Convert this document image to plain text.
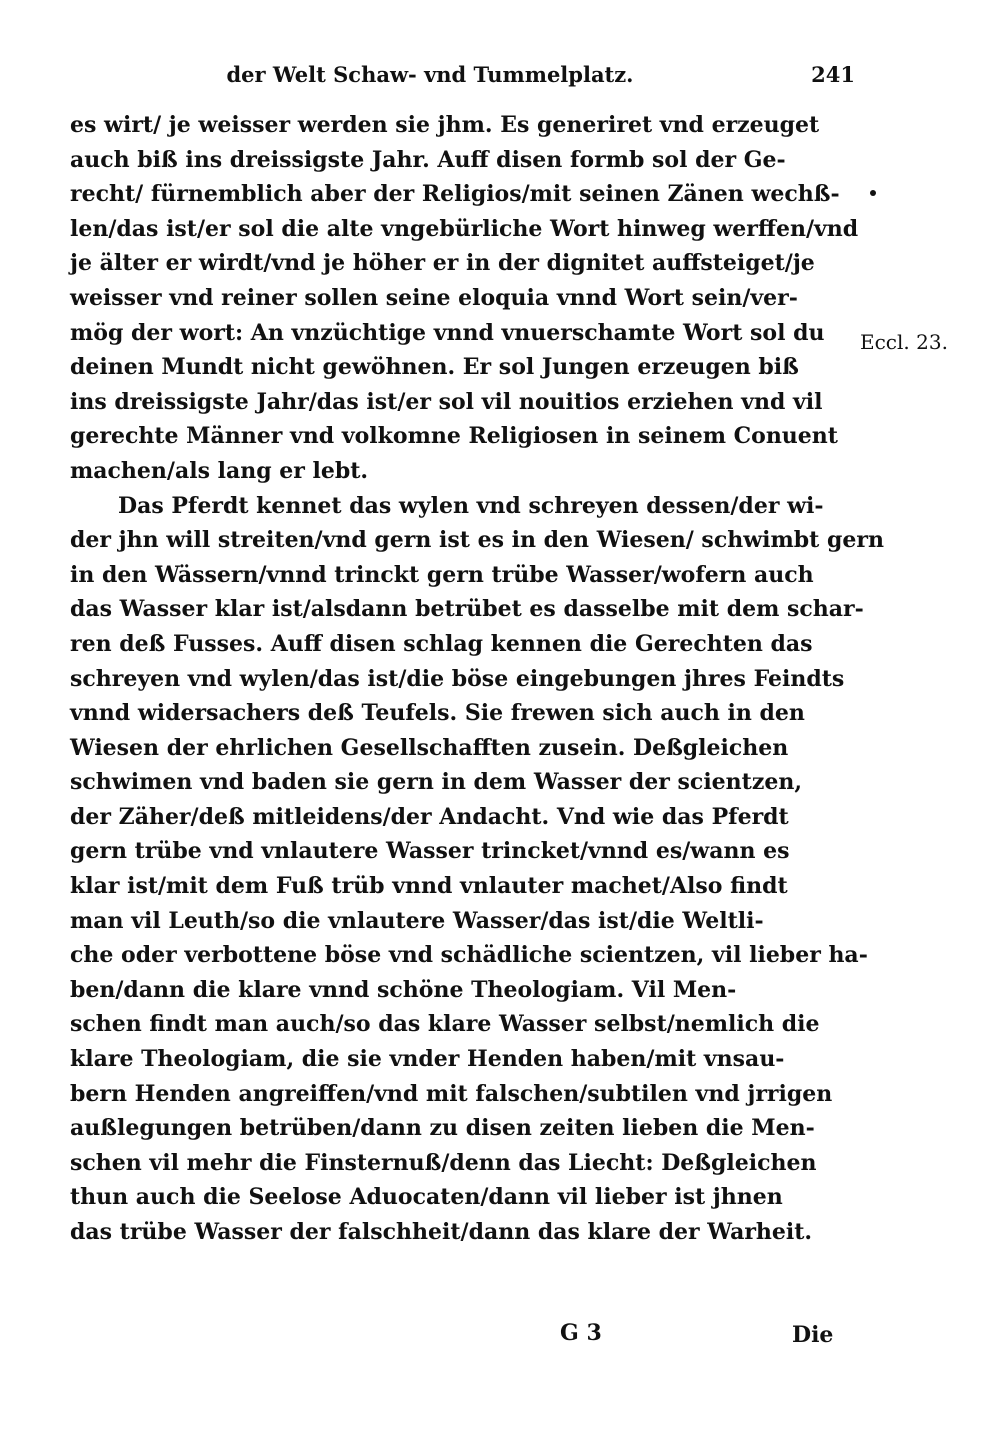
der Welt Schaw- vnd Tummelplatz.	241
es wirt/ je weisser werden sie jhm. Es generiret vnd erzeuget
auch biß ins dreissigste Jahr. Auff disen formb sol der Ge-
recht/ fürnemblich aber der Religios/mit seinen Zänen wechß-
len/das ist/er sol die alte vngebürliche Wort hinweg werffen/vnd
je älter er wirdt/vnd je höher er in der dignitet auffsteiget/je
weisser vnd reiner sollen seine eloquia vnnd Wort sein/ver-
mög der wort: An vnzüchtige vnnd vnuerschamte Wort sol du
deinen Mundt nicht gewöhnen. Er sol Jungen erzeugen biß
ins dreissigste Jahr/das ist/er sol vil nouitios erziehen vnd vil
gerechte Männer vnd volkomne Religiosen in seinem Conuent
machen/als lang er lebt.
Das Pferdt kennet das wylen vnd schreyen dessen/der wi-
der jhn will streiten/vnd gern ist es in den Wiesen/ schwimbt gern
in den Wässern/vnnd trinckt gern trübe Wasser/wofern auch
das Wasser klar ist/alsdann betrübet es dasselbe mit dem schar-
ren deß Fusses. Auff disen schlag kennen die Gerechten das
schreyen vnd wylen/das ist/die böse eingebungen jhres Feindts
vnnd widersachers deß Teufels. Sie frewen sich auch in den
Wiesen der ehrlichen Gesellschafften zusein. Deßgleichen
schwimen vnd baden sie gern in dem Wasser der scientzen,
der Zäher/deß mitleidens/der Andacht. Vnd wie das Pferdt
gern trübe vnd vnlautere Wasser trincket/vnnd es/wann es
klar ist/mit dem Fuß trüb vnnd vnlauter machet/Also findt
man vil Leuth/so die vnlautere Wasser/das ist/die Weltli-
che oder verbottene böse vnd schädliche scientzen, vil lieber ha-
ben/dann die klare vnnd schöne Theologiam. Vil Men-
schen findt man auch/so das klare Wasser selbst/nemlich die
klare Theologiam, die sie vnder Henden haben/mit vnsau-
bern Henden angreiffen/vnd mit falschen/subtilen vnd jrrigen
außlegungen betrüben/dann zu disen zeiten lieben die Men-
schen vil mehr die Finsternuß/denn das Liecht: Deßgleichen
thun auch die Seelose Aduocaten/dann vil lieber ist jhnen
das trübe Wasser der falschheit/dann das klare der Warheit.
Eccl. 23.
G 3	Die
